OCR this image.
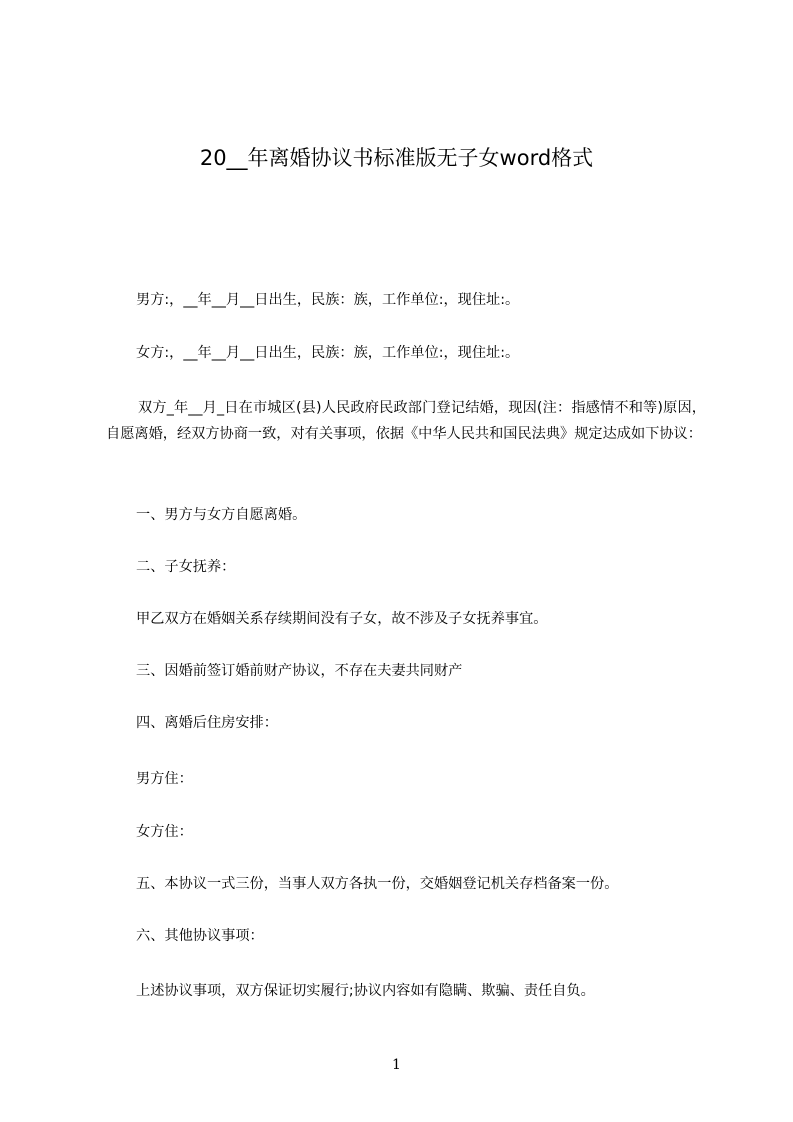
20__年离婚协议书标准版无子女word格式
男方:，__年__月__日出生，民族：族，工作单位:，现住址:。
女方:，__年__月__日出生，民族：族，工作单位:，现住址:。
双方_年__月_日在市城区(县)人民政府民政部门登记结婚，现因(注：指感情不和等)原因，自愿离婚，经双方协商一致，对有关事项，依据《中华人民共和国民法典》规定达成如下协议：
一、男方与女方自愿离婚。
二、子女抚养：
甲乙双方在婚姻关系存续期间没有子女，故不涉及子女抚养事宜。
三、因婚前签订婚前财产协议，不存在夫妻共同财产
四、离婚后住房安排：
男方住：
女方住：
五、本协议一式三份，当事人双方各执一份，交婚姻登记机关存档备案一份。
六、其他协议事项：
上述协议事项，双方保证切实履行;协议内容如有隐瞒、欺骗、责任自负。
1
